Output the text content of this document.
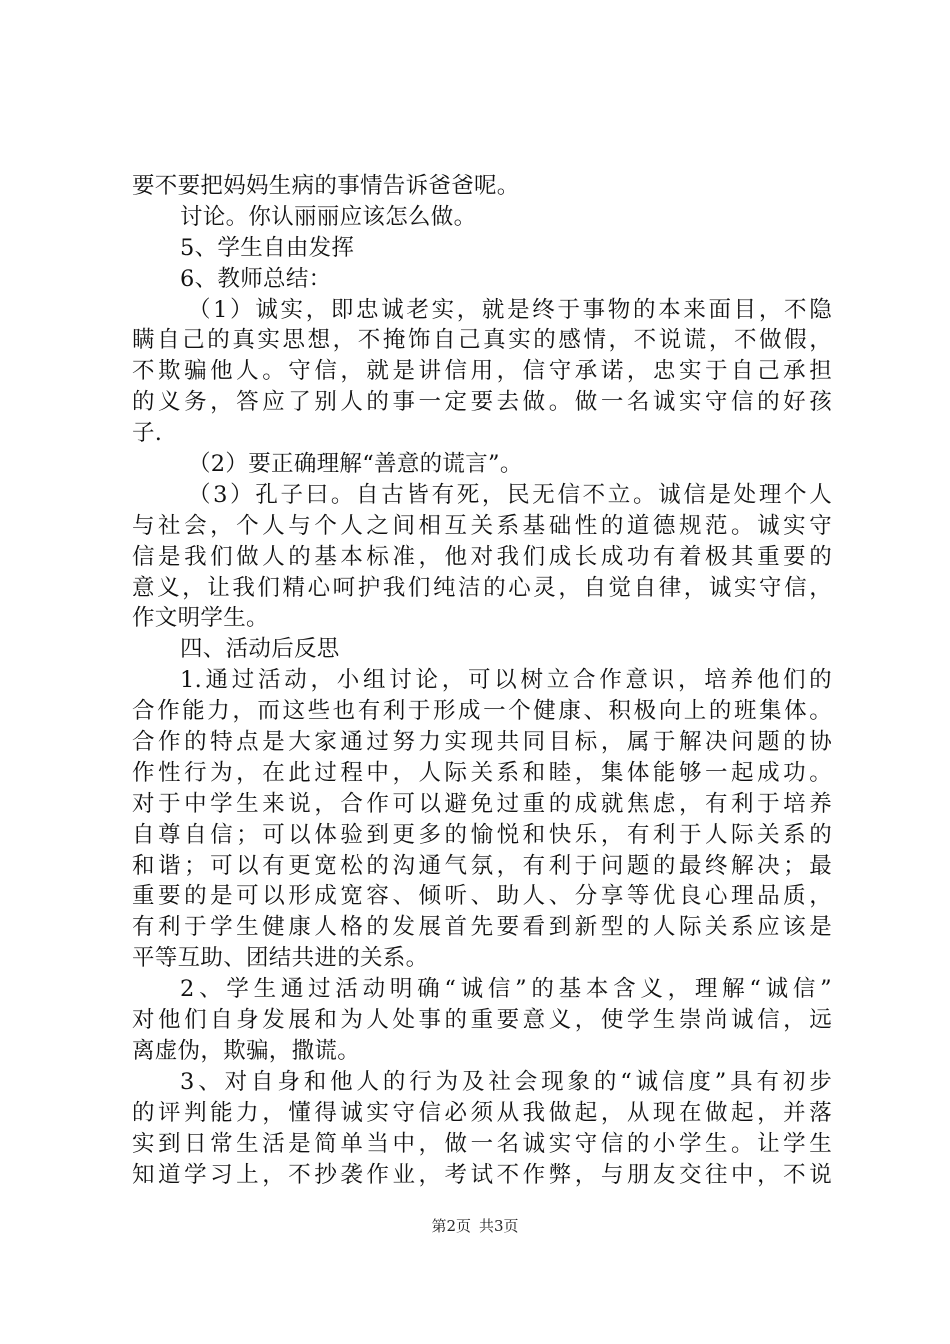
要不要把妈妈生病的事情告诉爸爸呢。
讨论。你认丽丽应该怎么做。
5、学生自由发挥
6、教师总结：
（1）诚实，即忠诚老实，就是终于事物的本来面目，不隐
瞒自己的真实思想，不掩饰自己真实的感情，不说谎，不做假，
不欺骗他人。守信，就是讲信用，信守承诺，忠实于自己承担
的义务，答应了别人的事一定要去做。做一名诚实守信的好孩
子.
（2）要正确理解“善意的谎言”。
（3）孔子曰。自古皆有死，民无信不立。诚信是处理个人
与社会，个人与个人之间相互关系基础性的道德规范。诚实守
信是我们做人的基本标准，他对我们成长成功有着极其重要的
意义，让我们精心呵护我们纯洁的心灵，自觉自律，诚实守信，
作文明学生。
四、活动后反思
1.通过活动，小组讨论，可以树立合作意识，培养他们的
合作能力，而这些也有利于形成一个健康、积极向上的班集体。
合作的特点是大家通过努力实现共同目标，属于解决问题的协
作性行为，在此过程中，人际关系和睦，集体能够一起成功。
对于中学生来说，合作可以避免过重的成就焦虑，有利于培养
自尊自信；可以体验到更多的愉悦和快乐，有利于人际关系的
和谐；可以有更宽松的沟通气氛，有利于问题的最终解决；最
重要的是可以形成宽容、倾听、助人、分享等优良心理品质，
有利于学生健康人格的发展首先要看到新型的人际关系应该是
平等互助、团结共进的关系。
2、学生通过活动明确“诚信”的基本含义，理解“诚信”
对他们自身发展和为人处事的重要意义，使学生崇尚诚信，远
离虚伪，欺骗，撒谎。
3、对自身和他人的行为及社会现象的“诚信度”具有初步
的评判能力，懂得诚实守信必须从我做起，从现在做起，并落
实到日常生活是简单当中，做一名诚实守信的小学生。让学生
知道学习上，不抄袭作业，考试不作弊，与朋友交往中，不说
第2页 共3页
